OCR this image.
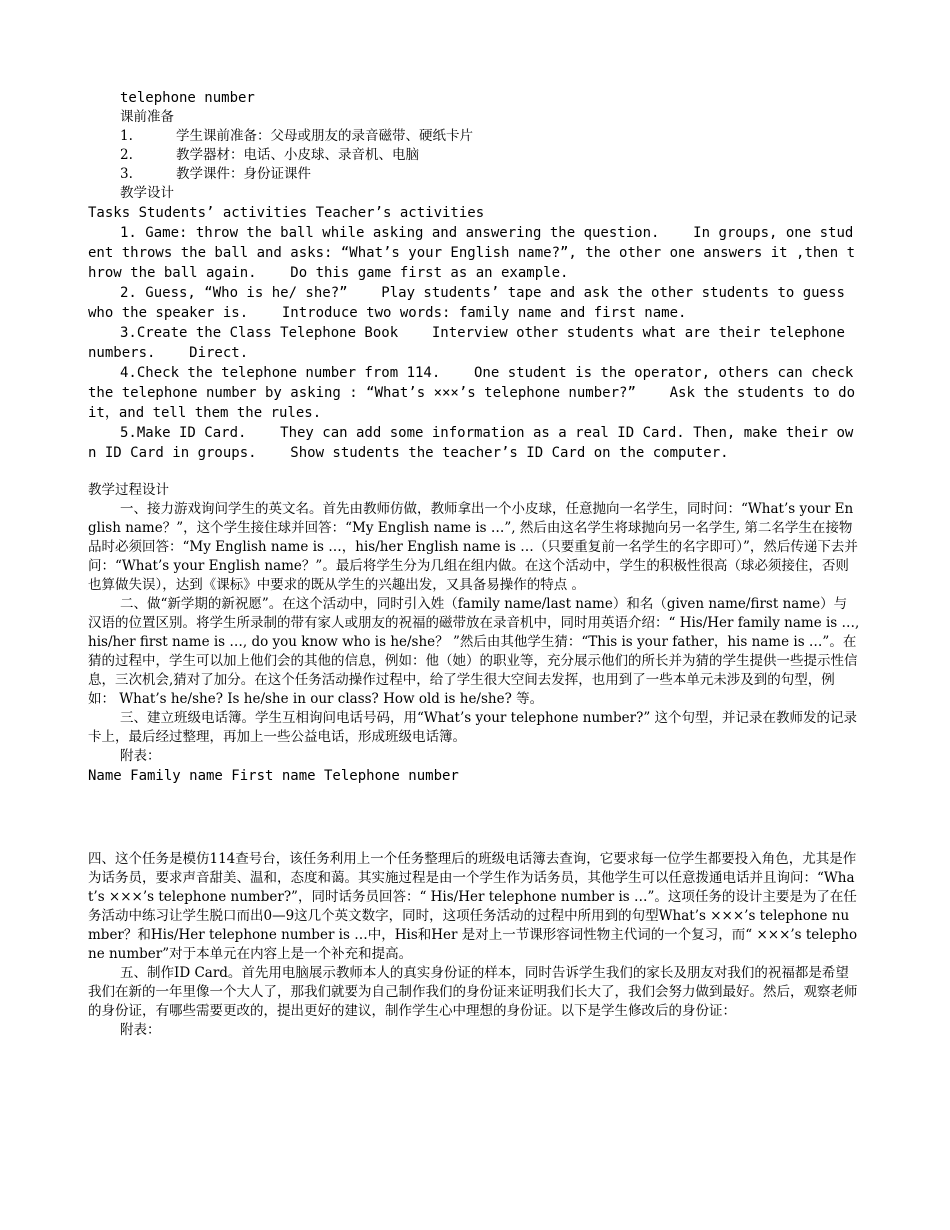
telephone number

课前准备

1.	学生课前准备：父母或朋友的录音磁带、硬纸卡片

2.	教学器材：电话、小皮球、录音机、电脑

3.	教学课件：身份证课件

教学设计

Tasks Students’ activities Teacher’s activities

1. Game: throw the ball while asking and answering the question.    In groups, one student throws the ball and asks: “What’s your English name?”, the other one answers it ,then throw the ball again.    Do this game first as an example.

2. Guess, “Who is he/ she?”    Play students’ tape and ask the other students to guess who the speaker is.    Introduce two words: family name and first name.

3.Create the Class Telephone Book    Interview other students what are their telephone numbers.    Direct.

4.Check the telephone number from 114.    One student is the operator, others can check the telephone number by asking : “What’s ×××’s telephone number?”    Ask the students to do it，and tell them the rules.

5.Make ID Card.    They can add some information as a real ID Card. Then, make their own ID Card in groups.    Show students the teacher’s ID Card on the computer.

教学过程设计

一、接力游戏询问学生的英文名。首先由教师仿做，教师拿出一个小皮球，任意抛向一名学生，同时问：“What’s your English name？”，这个学生接住球并回答：“My English name is …”, 然后由这名学生将球抛向另一名学生, 第二名学生在接物品时必须回答：“My English name is …，his/her English name is …（只要重复前一名学生的名字即可）”，然后传递下去并问：“What’s your English name？”。最后将学生分为几组在组内做。在这个活动中，学生的积极性很高（球必须接住，否则也算做失误），达到《课标》中要求的既从学生的兴趣出发，又具备易操作的特点 。

二、做“新学期的新祝愿”。在这个活动中，同时引入姓（family name/last name）和名（given name/first name）与汉语的位置区别。将学生所录制的带有家人或朋友的祝福的磁带放在录音机中，同时用英语介绍：“ His/Her family name is …, his/her first name is …, do you know who is he/she？ ”然后由其他学生猜：“This is your father，his name is …”。在猜的过程中，学生可以加上他们会的其他的信息，例如：他（她）的职业等，充分展示他们的所长并为猜的学生提供一些提示性信息，三次机会,猜对了加分。在这个任务活动操作过程中，给了学生很大空间去发挥，也用到了一些本单元未涉及到的句型，例如： What’s he/she? Is he/she in our class? How old is he/she? 等。

三、建立班级电话簿。学生互相询问电话号码，用“What’s your telephone number?” 这个句型，并记录在教师发的记录卡上，最后经过整理，再加上一些公益电话，形成班级电话簿。

附表：

Name Family name First name Telephone number

四、这个任务是模仿114查号台，该任务利用上一个任务整理后的班级电话簿去查询，它要求每一位学生都要投入角色，尤其是作为话务员，要求声音甜美、温和，态度和蔼。其实施过程是由一个学生作为话务员，其他学生可以任意拨通电话并且询问：“What’s ×××’s telephone number?”，同时话务员回答：“ His/Her telephone number is …”。这项任务的设计主要是为了在任务活动中练习让学生脱口而出0—9这几个英文数字，同时，这项任务活动的过程中所用到的句型What’s ×××’s telephone number？和His/Her telephone number is …中，His和Her 是对上一节课形容词性物主代词的一个复习，而“ ×××’s telephone number”对于本单元在内容上是一个补充和提高。

五、制作ID Card。首先用电脑展示教师本人的真实身份证的样本，同时告诉学生我们的家长及朋友对我们的祝福都是希望我们在新的一年里像一个大人了，那我们就要为自己制作我们的身份证来证明我们长大了，我们会努力做到最好。然后，观察老师的身份证，有哪些需要更改的，提出更好的建议，制作学生心中理想的身份证。以下是学生修改后的身份证：

附表：
